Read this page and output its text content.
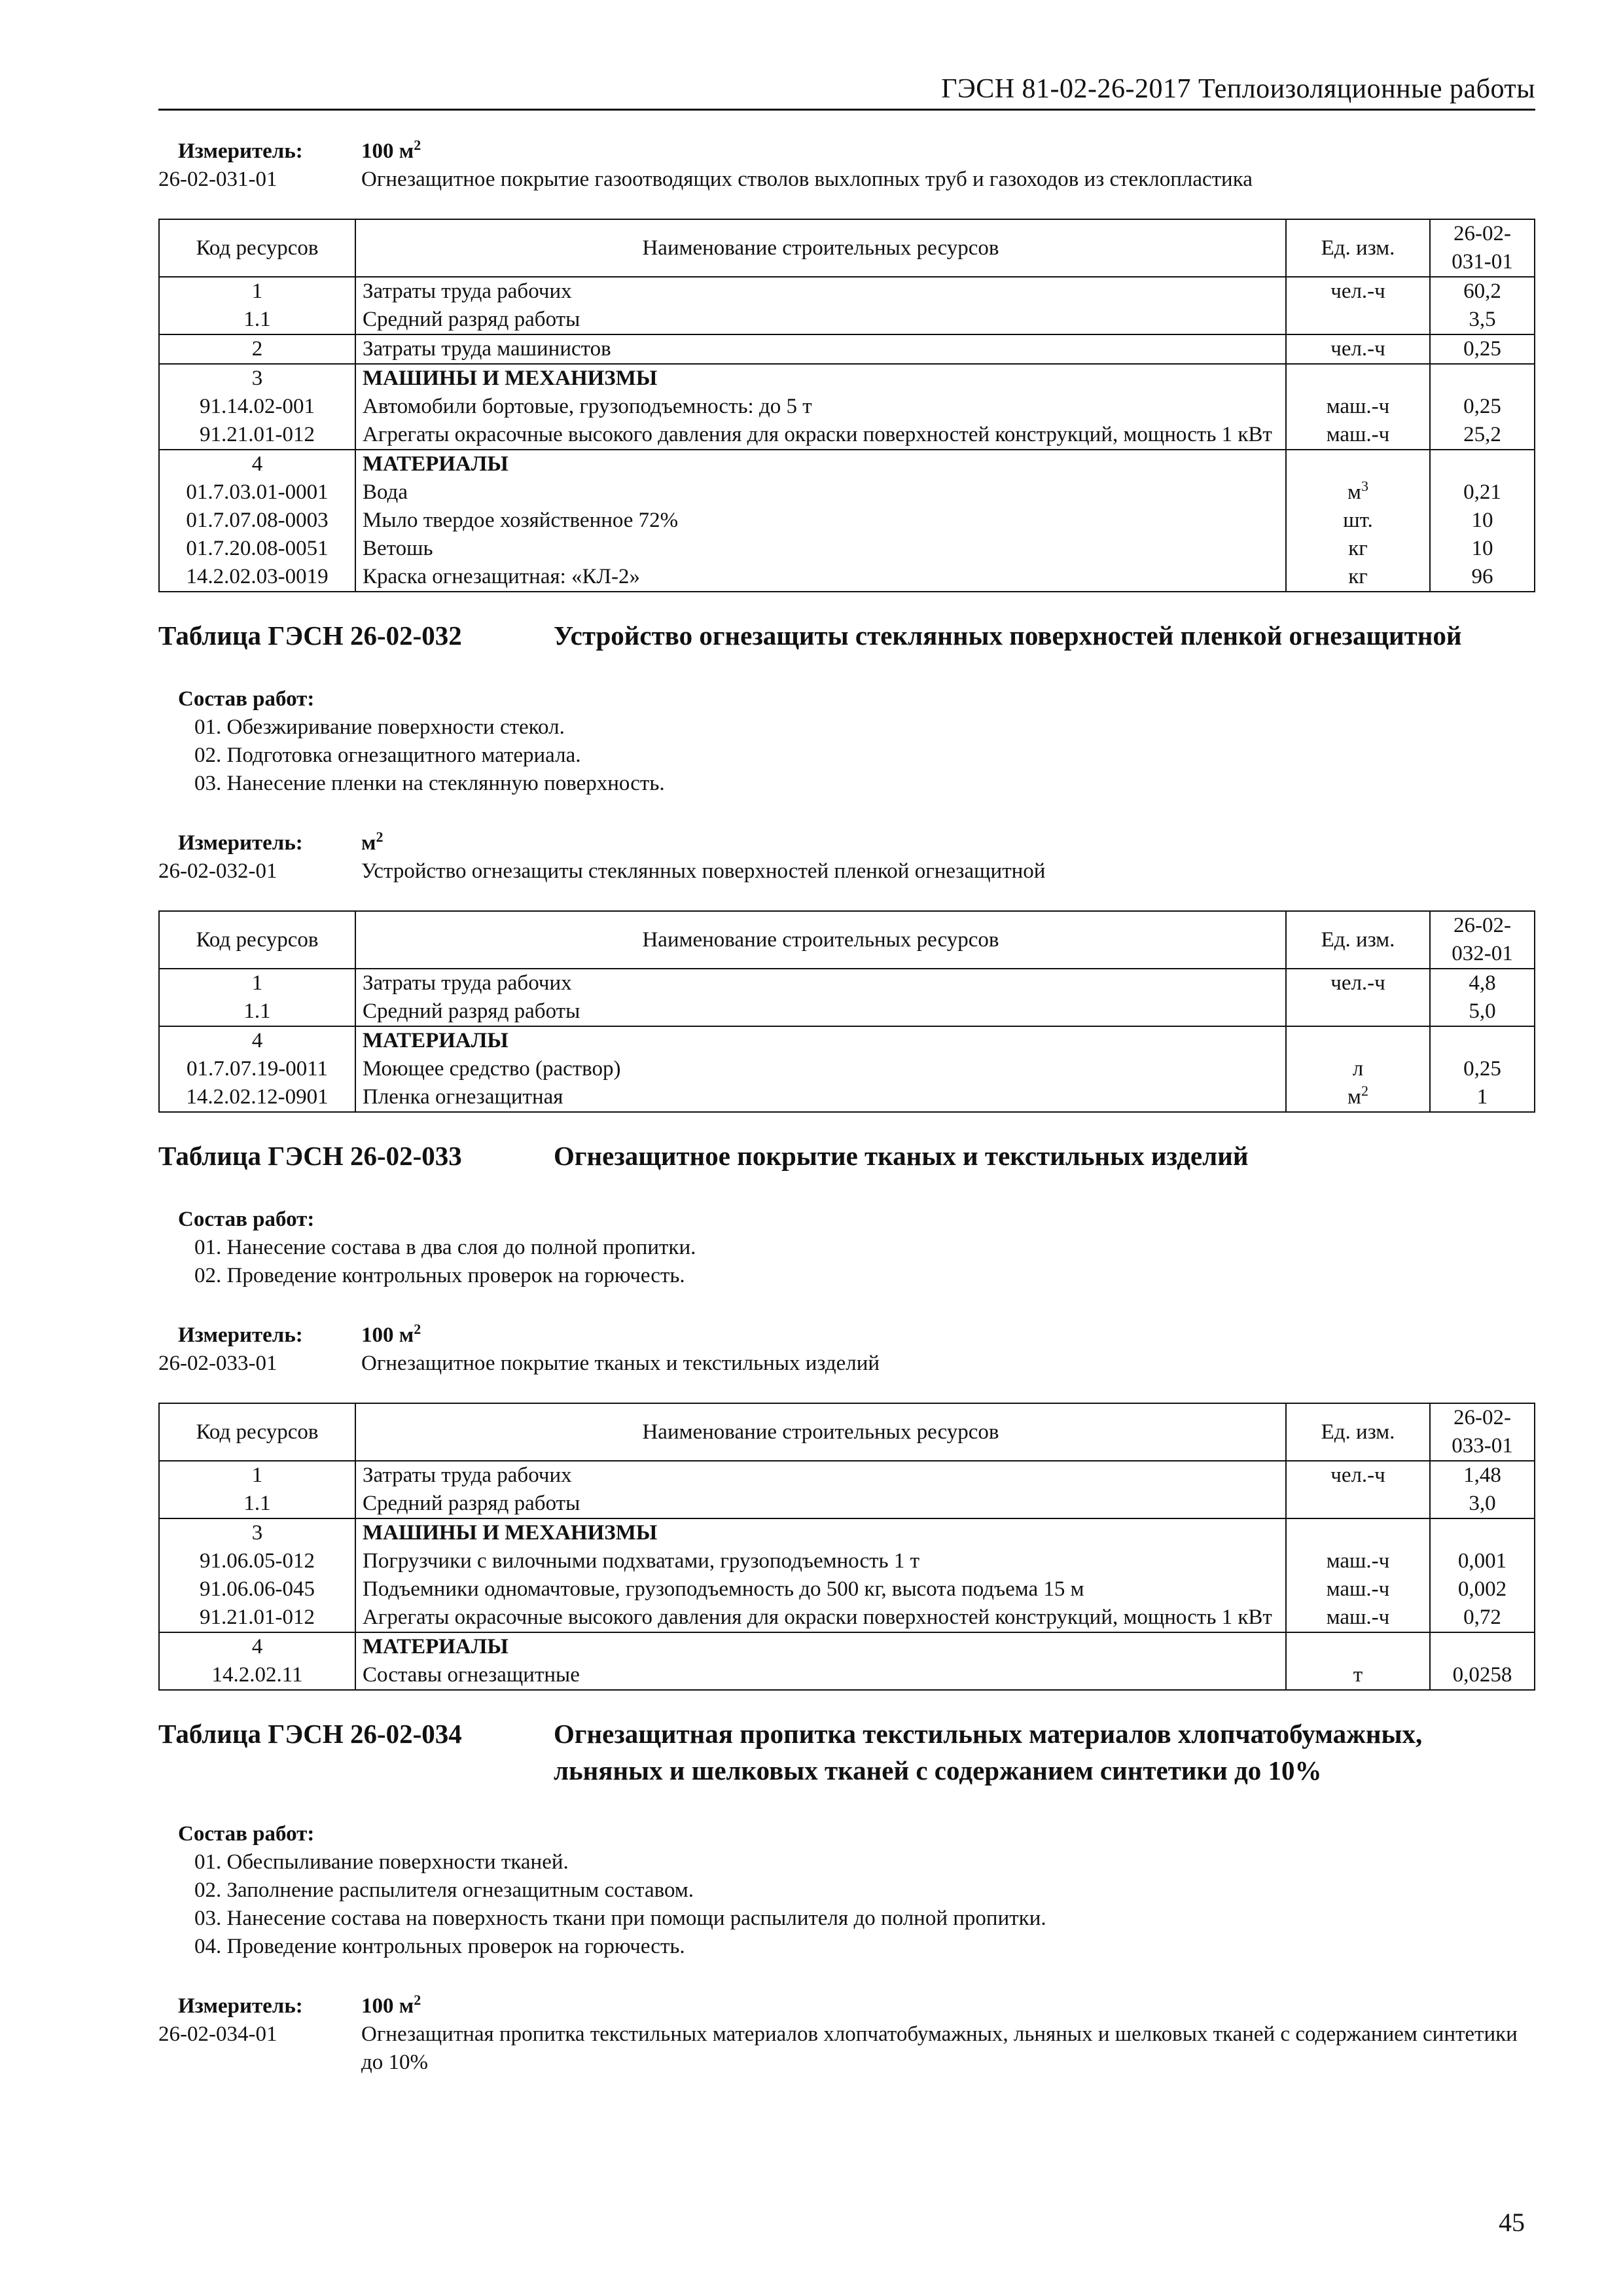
ГЭСН 81-02-26-2017 Теплоизоляционные работы
Измеритель:	100 $м^2$
26-02-031-01	Огнезащитное покрытие газоотводящих стволов выхлопных труб и газоходов из стеклопластика
Код ресурсов	Наименование строительных ресурсов	Ед. изм.	26-02-
031-01
1	Затраты труда рабочих	чел.-ч	60,2
1.1	Средний разряд работы		3,5
2	Затраты труда машинистов	чел.-ч	0,25
3	МАШИНЫ И МЕХАНИЗМЫ		
91.14.02-001	Автомобили бортовые, грузоподъемность: до 5 т	маш.-ч	0,25
91.21.01-012	Агрегаты окрасочные высокого давления для окраски поверхностей конструкций, мощность 1 кВт	маш.-ч	25,2
4	МАТЕРИАЛЫ		
01.7.03.01-0001	Вода	$м^3$	0,21
01.7.07.08-0003	Мыло твердое хозяйственное 72%	шт.	10
01.7.20.08-0051	Ветошь	кг	10
14.2.02.03-0019	Краска огнезащитная: «КЛ-2»	кг	96
Таблица ГЭСН 26-02-032	Устройство огнезащиты стеклянных поверхностей пленкой огнезащитной
Состав работ:
01. Обезжиривание поверхности стекол.
02. Подготовка огнезащитного материала.
03. Нанесение пленки на стеклянную поверхность.
Измеритель:	$м^2$
26-02-032-01	Устройство огнезащиты стеклянных поверхностей пленкой огнезащитной
Код ресурсов	Наименование строительных ресурсов	Ед. изм.	26-02-
032-01
1	Затраты труда рабочих	чел.-ч	4,8
1.1	Средний разряд работы		5,0
4	МАТЕРИАЛЫ		
01.7.07.19-0011	Моющее средство (раствор)	л	0,25
14.2.02.12-0901	Пленка огнезащитная	$м^2$	1
Таблица ГЭСН 26-02-033	Огнезащитное покрытие тканых и текстильных изделий
Состав работ:
01. Нанесение состава в два слоя до полной пропитки.
02. Проведение контрольных проверок на горючесть.
Измеритель:	100 $м^2$
26-02-033-01	Огнезащитное покрытие тканых и текстильных изделий
Код ресурсов	Наименование строительных ресурсов	Ед. изм.	26-02-
033-01
1	Затраты труда рабочих	чел.-ч	1,48
1.1	Средний разряд работы		3,0
3	МАШИНЫ И МЕХАНИЗМЫ		
91.06.05-012	Погрузчики с вилочными подхватами, грузоподъемность 1 т	маш.-ч	0,001
91.06.06-045	Подъемники одномачтовые, грузоподъемность до 500 кг, высота подъема 15 м	маш.-ч	0,002
91.21.01-012	Агрегаты окрасочные высокого давления для окраски поверхностей конструкций, мощность 1 кВт	маш.-ч	0,72
4	МАТЕРИАЛЫ		
14.2.02.11	Составы огнезащитные	т	0,0258
Таблица ГЭСН 26-02-034	Огнезащитная пропитка текстильных материалов хлопчатобумажных, льняных и шелковых тканей с содержанием синтетики до 10%
Состав работ:
01. Обеспыливание поверхности тканей.
02. Заполнение распылителя огнезащитным составом.
03. Нанесение состава на поверхность ткани при помощи распылителя до полной пропитки.
04. Проведение контрольных проверок на горючесть.
Измеритель:	100 $м^2$
26-02-034-01	Огнезащитная пропитка текстильных материалов хлопчатобумажных, льняных и шелковых тканей с содержанием синтетики до 10%
45
